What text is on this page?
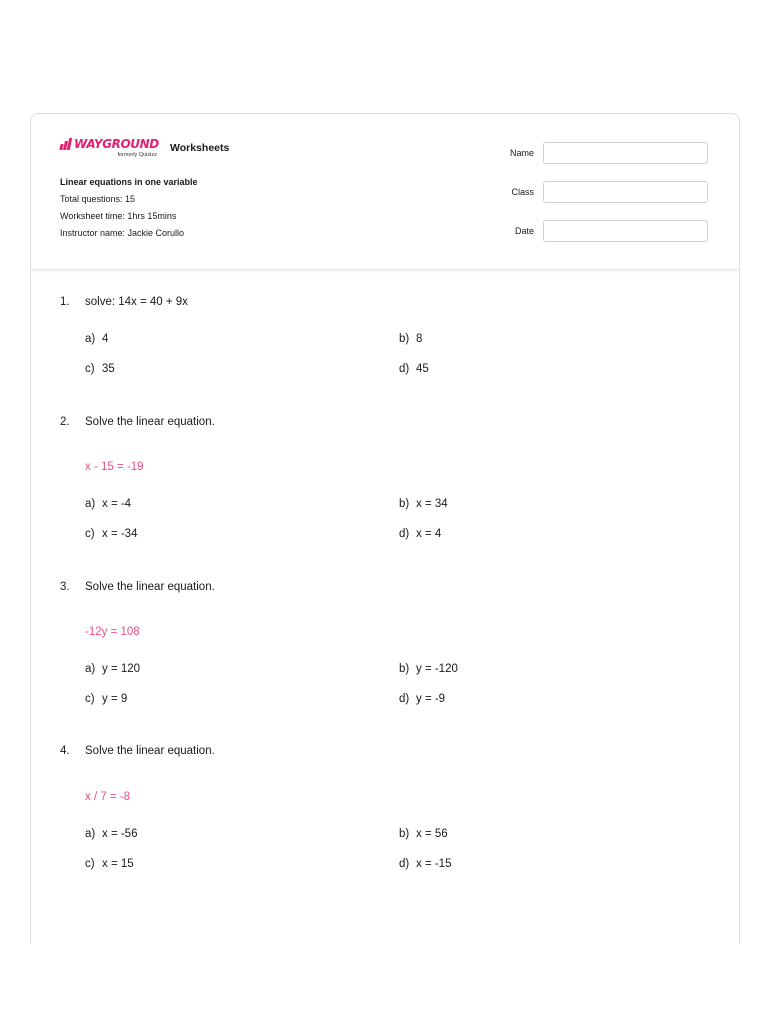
WAYGROUND
formerly Quizizz
Worksheets
Linear equations in one variable
Total questions: 15
Worksheet time: 1hrs 15mins
Instructor name: Jackie Corullo
Name
Class
Date
1. solve: 14x = 40 + 9x
a) 4	b) 8
c) 35	d) 45
2. Solve the linear equation.
x - 15 = -19
a) x = -4	b) x = 34
c) x = -34	d) x = 4
3. Solve the linear equation.
-12y = 108
a) y = 120	b) y = -120
c) y = 9	d) y = -9
4. Solve the linear equation.
x / 7 = -8
a) x = -56	b) x = 56
c) x = 15	d) x = -15
